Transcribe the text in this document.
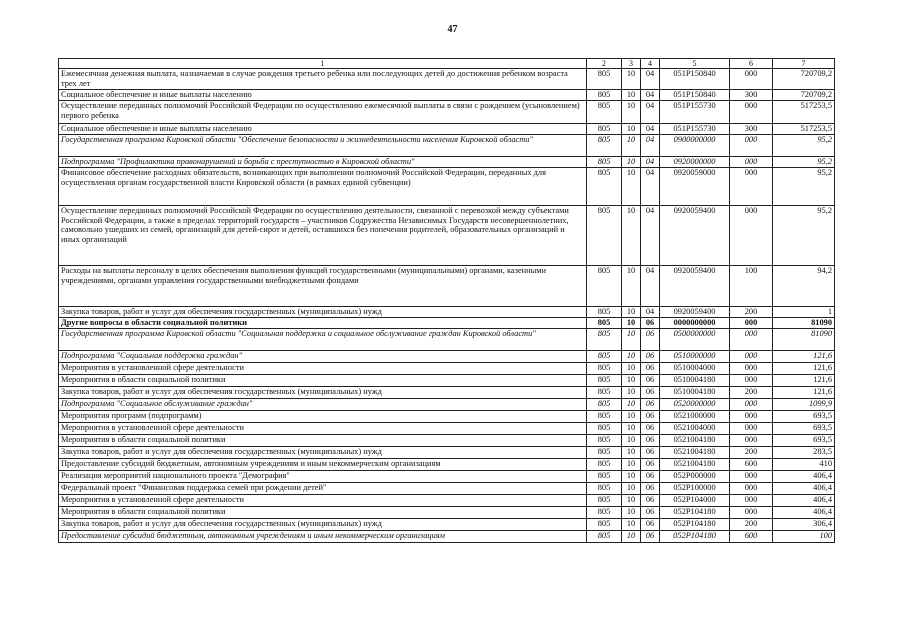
47
1	2	3	4	5	6	7
Ежемесячная денежная выплата, назначаемая в случае рождения третьего ребенка или последующих детей до достижения ребенком возраста трех лет	805	10	04	051P150840	000	720709,2
Социальное обеспечение и иные выплаты населению	805	10	04	051P150840	300	720709,2
Осуществление переданных полномочий Российской Федерации по осуществлению ежемесячной выплаты в связи с рождением (усыновлением) первого ребенка	805	10	04	051P155730	000	517253,5
Социальное обеспечение и иные выплаты населению	805	10	04	051P155730	300	517253,5
Государственная программа Кировской области "Обеспечение безопасности и жизнедеятельности населения Кировской области"	805	10	04	0900000000	000	95,2
Подпрограмма "Профилактика правонарушений и борьба с преступностью в Кировской области"	805	10	04	0920000000	000	95,2
Финансовое обеспечение расходных обязательств, возникающих при выполнении полномочий Российской Федерации, переданных для осуществления органам государственной власти Кировской области (в рамках единой субвенции)	805	10	04	0920059000	000	95,2
Осуществление переданных полномочий Российской Федерации по осуществлению деятельности, связанной с перевозкой между субъектами Российской Федерации, а также в пределах территорий государств – участников Содружества Независимых Государств несовершеннолетних, самовольно ушедших из семей, организаций для детей-сирот и детей, оставшихся без попечения родителей, образовательных организаций и иных организаций	805	10	04	0920059400	000	95,2
Расходы на выплаты персоналу в целях обеспечения выполнения функций государственными (муниципальными) органами, казенными учреждениями, органами управления государственными внебюджетными фондами	805	10	04	0920059400	100	94,2
Закупка товаров, работ и услуг для обеспечения государственных (муниципальных) нужд	805	10	04	0920059400	200	1
Другие вопросы в области социальной политики	805	10	06	0000000000	000	81090
Государственная программа Кировской области "Социальная поддержка и социальное обслуживание граждан Кировской области"	805	10	06	0500000000	000	81090
Подпрограмма "Социальная поддержка граждан"	805	10	06	0510000000	000	121,6
Мероприятия в установленной сфере деятельности	805	10	06	0510004000	000	121,6
Мероприятия в области социальной политики	805	10	06	0510004180	000	121,6
Закупка товаров, работ и услуг для обеспечения государственных (муниципальных) нужд	805	10	06	0510004180	200	121,6
Подпрограмма "Социальное обслуживание граждан"	805	10	06	0520000000	000	1099,9
Мероприятия программ (подпрограмм)	805	10	06	0521000000	000	693,5
Мероприятия в установленной сфере деятельности	805	10	06	0521004000	000	693,5
Мероприятия в области социальной политики	805	10	06	0521004180	000	693,5
Закупка товаров, работ и услуг для обеспечения государственных (муниципальных) нужд	805	10	06	0521004180	200	283,5
Предоставление субсидий бюджетным, автономным учреждениям и иным некоммерческим организациям	805	10	06	0521004180	600	410
Реализация мероприятий национального проекта "Демография"	805	10	06	052P000000	000	406,4
Федеральный проект "Финансовая поддержка семей при рождении детей"	805	10	06	052P100000	000	406,4
Мероприятия в установленной сфере деятельности	805	10	06	052P104000	000	406,4
Мероприятия в области социальной политики	805	10	06	052P104180	000	406,4
Закупка товаров, работ и услуг для обеспечения государственных (муниципальных) нужд	805	10	06	052P104180	200	306,4
Предоставление субсидий бюджетным, автономным учреждениям и иным некоммерческим организациям	805	10	06	052P104180	600	100
